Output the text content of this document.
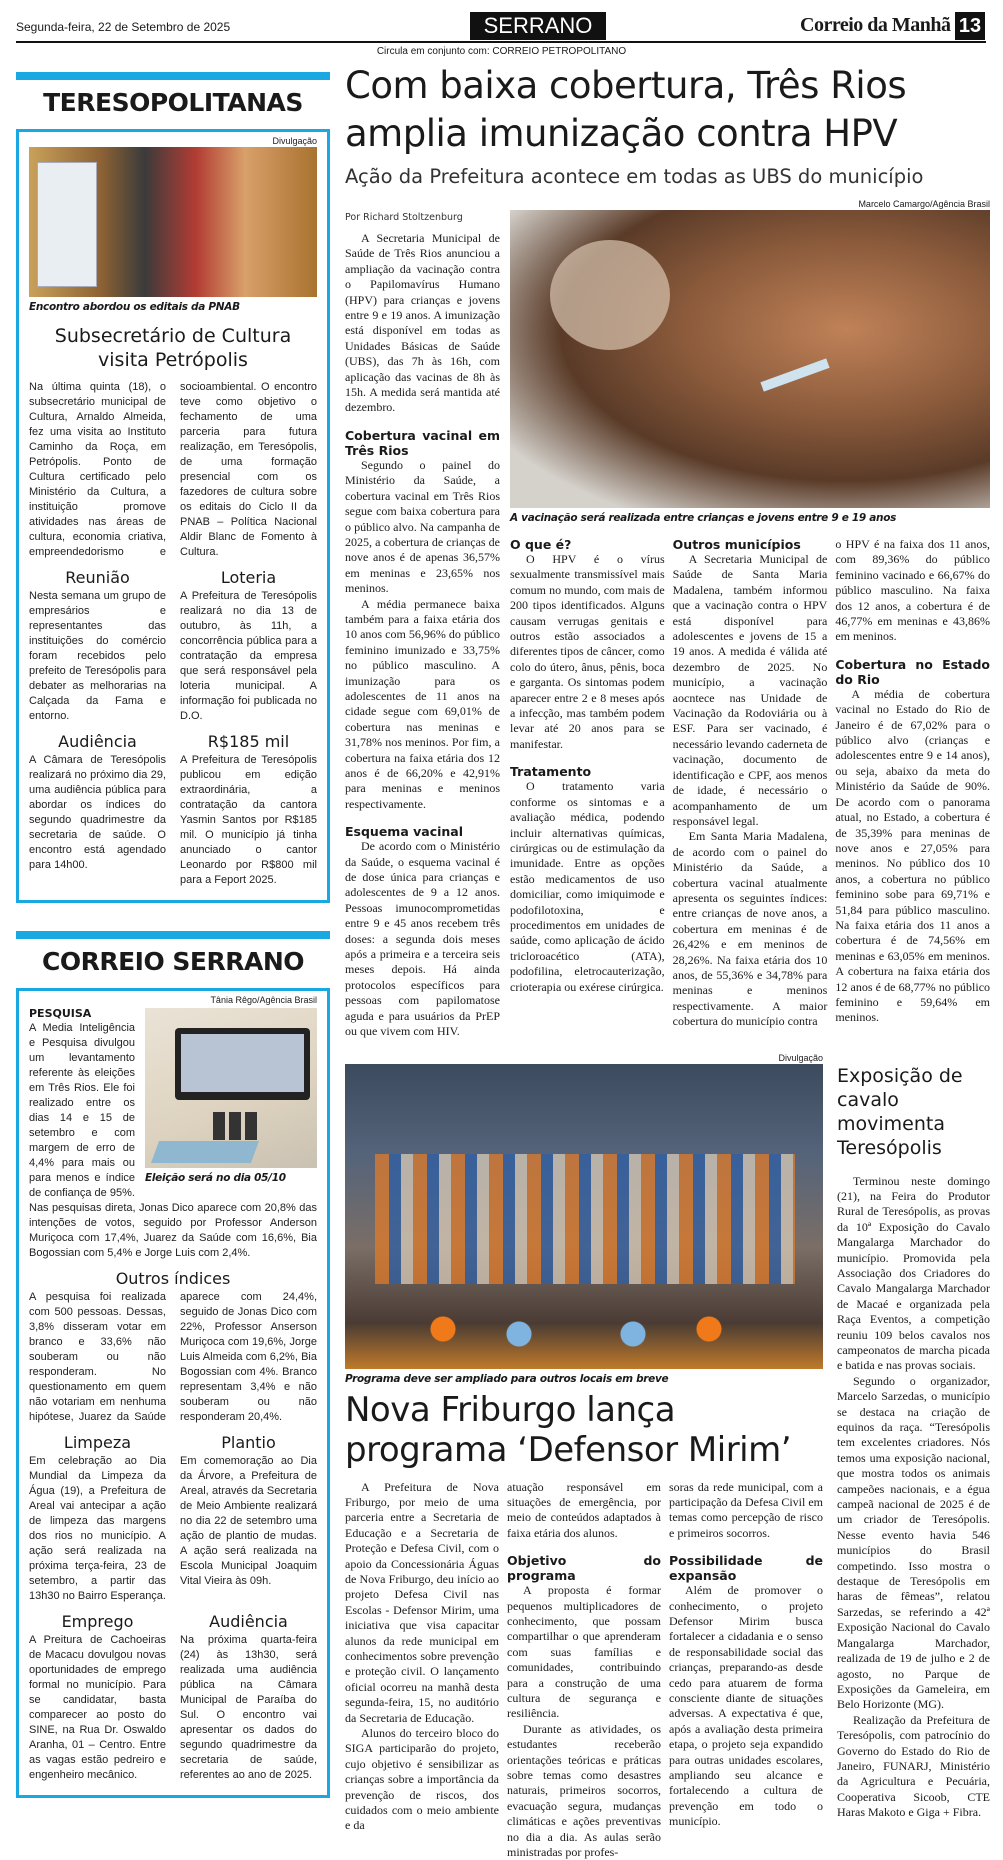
Segunda-feira, 22 de Setembro de 2025	SERRANO	Correio da Manhã 13
Circula em conjunto com: CORREIO PETROPOLITANO
TERESOPOLITANAS
Divulgação
Encontro abordou os editais da PNAB
Subsecretário de Cultura visita Petrópolis
Na última quinta (18), o subsecretário municipal de Cultura, Arnaldo Almeida, fez uma visita ao Instituto Caminho da Roça, em Petrópolis. Ponto de Cultura certificado pelo Ministério da Cultura, a instituição promove atividades nas áreas de cultura, economia criativa, empreendedorismo e socioambiental. O encontro teve como objetivo o fechamento de uma parceria para futura realização, em Teresópolis, de uma formação presencial com os fazedores de cultura sobre os editais do Ciclo II da PNAB – Política Nacional Aldir Blanc de Fomento à Cultura.
Reunião
Nesta semana um grupo de empresários e representantes das instituições do comércio foram recebidos pelo prefeito de Teresópolis para debater as melhorarias na Calçada da Fama e entorno.
Loteria
A Prefeitura de Teresópolis realizará no dia 13 de outubro, às 11h, a concorrência pública para a contratação da empresa que será responsável pela loteria municipal. A informação foi publicada no D.O.
Audiência
A Câmara de Teresópolis realizará no próximo dia 29, uma audiência pública para abordar os índices do segundo quadrimestre da secretaria de saúde. O encontro está agendado para 14h00.
R$185 mil
A Prefeitura de Teresópolis publicou em edição extraordinária, a contratação da cantora Yasmin Santos por R$185 mil. O município já tinha anunciado o cantor Leonardo por R$800 mil para a Feport 2025.
CORREIO SERRANO
Tânia Rêgo/Agência Brasil
Eleição será no dia 05/10
PESQUISA
A Media Inteligência e Pesquisa divulgou um levantamento referente às eleições em Três Rios. Ele foi realizado entre os dias 14 e 15 de setembro e com margem de erro de 4,4% para mais ou para menos e índice de confiança de 95%. Nas pesquisas direta, Jonas Dico aparece com 20,8% das intenções de votos, seguido por Professor Anderson Muriçoca com 17,4%, Juarez da Saúde com 16,6%, Bia Bogossian com 5,4% e Jorge Luis com 2,4%.
Outros índices
A pesquisa foi realizada com 500 pessoas. Dessas, 3,8% disseram votar em branco e 33,6% não souberam ou não responderam. No questionamento em quem não votariam em nenhuma hipótese, Juarez da Saúde aparece com 24,4%, seguido de Jonas Dico com 22%, Professor Anserson Muriçoca com 19,6%, Jorge Luis Almeida com 6,2%, Bia Bogossian com 4%. Branco representam 3,4% e não souberam ou não responderam 20,4%.
Limpeza
Em celebração ao Dia Mundial da Limpeza da Água (19), a Prefeitura de Areal vai antecipar a ação de limpeza das margens dos rios no município. A ação será realizada na próxima terça-feira, 23 de setembro, a partir das 13h30 no Bairro Esperança.
Plantio
Em comemoração ao Dia da Árvore, a Prefeitura de Areal, através da Secretaria de Meio Ambiente realizará no dia 22 de setembro uma ação de plantio de mudas. A ação será realizada na Escola Municipal Joaquim Vital Vieira às 09h.
Emprego
A Preitura de Cachoeiras de Macacu dovulgou novas oportunidades de emprego formal no município. Para se candidatar, basta comparecer ao posto do SINE, na Rua Dr. Oswaldo Aranha, 01 – Centro. Entre as vagas estão pedreiro e engenheiro mecânico.
Audiência
Na próxima quarta-feira (24) às 13h30, será realizada uma audiência pública na Câmara Municipal de Paraíba do Sul. O encontro vai apresentar os dados do segundo quadrimestre da secretaria de saúde, referentes ao ano de 2025.
Com baixa cobertura, Três Rios amplia imunização contra HPV
Ação da Prefeitura acontece em todas as UBS do município
Por Richard Stoltzenburg

A Secretaria Municipal de Saúde de Três Rios anunciou a ampliação da vacinação contra o Papilomavírus Humano (HPV) para crianças e jovens entre 9 e 19 anos. A imunização está disponível em todas as Unidades Básicas de Saúde (UBS), das 7h às 16h, com aplicação das vacinas de 8h às 15h. A medida será mantida até dezembro.

Cobertura vacinal em Três Rios

Segundo o painel do Ministério da Saúde, a cobertura vacinal em Três Rios segue com baixa cobertura para o público alvo. Na campanha de 2025, a cobertura de crianças de nove anos é de apenas 36,57% em meninas e 23,65% nos meninos.

A média permanece baixa também para a faixa etária dos 10 anos com 56,96% do público feminino imunizado e 33,75% no público masculino. A imunização para os adolescentes de 11 anos na cidade segue com 69,01% de cobertura nas meninas e 31,78% nos meninos. Por fim, a cobertura na faixa etária dos 12 anos é de 66,20% e 42,91% para meninas e meninos respectivamente.

Esquema vacinal

De acordo com o Ministério da Saúde, o esquema vacinal é de dose única para crianças e adolescentes de 9 a 12 anos. Pessoas imunocomprometidas entre 9 e 45 anos recebem três doses: a segunda dois meses após a primeira e a terceira seis meses depois. Há ainda protocolos específicos para pessoas com papilomatose aguda e para usuários da PrEP ou que vivem com HIV.

Marcelo Camargo/Agência Brasil
A vacinação será realizada entre crianças e jovens entre 9 e 19 anos
O que é?

O HPV é o vírus sexualmente transmissível mais comum no mundo, com mais de 200 tipos identificados. Alguns causam verrugas genitais e outros estão associados a diferentes tipos de câncer, como colo do útero, ânus, pênis, boca e garganta. Os sintomas podem aparecer entre 2 e 8 meses após a infecção, mas também podem levar até 20 anos para se manifestar.

Tratamento

O tratamento varia conforme os sintomas e a avaliação médica, podendo incluir alternativas químicas, cirúrgicas ou de estimulação da imunidade. Entre as opções estão medicamentos de uso domiciliar, como imiquimode e podofilotoxina, e procedimentos em unidades de saúde, como aplicação de ácido tricloroacético (ATA), podofilina, eletrocauterização, crioterapia ou exérese cirúrgica.

Outros municípios

A Secretaria Municipal de Saúde de Santa Maria Madalena, também informou que a vacinação contra o HPV está disponível para adolescentes e jovens de 15 a 19 anos. A medida é válida até dezembro de 2025. No município, a vacinação aocntece nas Unidade de Vacinação da Rodoviária ou à ESF. Para ser vacinado, é necessário levando caderneta de vacinação, documento de identificação e CPF, aos menos de idade, é necessário o acompanhamento de um responsável legal.

Em Santa Maria Madalena, de acordo com o painel do Ministério da Saúde, a cobertura vacinal atualmente apresenta os seguintes índices: entre crianças de nove anos, a cobertura em meninas é de 26,42% e em meninos de 28,26%. Na faixa etária dos 10 anos, de 55,36% e 34,78% para meninas e meninos respectivamente. A maior cobertura do município contra

o HPV é na faixa dos 11 anos, com 89,36% do público feminino vacinado e 66,67% do público masculino. Na faixa dos 12 anos, a cobertura é de 46,77% em meninas e 43,86% em meninos.

Cobertura no Estado do Rio

A média de cobertura vacinal no Estado do Rio de Janeiro é de 67,02% para o público alvo (crianças e adolescentes entre 9 e 14 anos), ou seja, abaixo da meta do Ministério da Saúde de 90%. De acordo com o panorama atual, no Estado, a cobertura é de 35,39% para meninas de nove anos e 27,05% para meninos. No público dos 10 anos, a cobertura no público feminino sobe para 69,71% e 51,84 para público masculino. Na faixa etária dos 11 anos a cobertura é de 74,56% em meninas e 63,05% em meninos. A cobertura na faixa etária dos 12 anos é de 68,77% no público feminino e 59,64% em meninos.

Divulgação
Programa deve ser ampliado para outros locais em breve
Nova Friburgo lança programa ‘Defensor Mirim’

A Prefeitura de Nova Friburgo, por meio de uma parceria entre a Secretaria de Educação e a Secretaria de Proteção e Defesa Civil, com o apoio da Concessionária Águas de Nova Friburgo, deu início ao projeto Defesa Civil nas Escolas - Defensor Mirim, uma iniciativa que visa capacitar alunos da rede municipal em conhecimentos sobre prevenção e proteção civil. O lançamento oficial ocorreu na manhã desta segunda-feira, 15, no auditório da Secretaria de Educação.

Alunos do terceiro bloco do SIGA participarão do projeto, cujo objetivo é sensibilizar as crianças sobre a importância da prevenção de riscos, dos cuidados com o meio ambiente e da

atuação responsável em situações de emergência, por meio de conteúdos adaptados à faixa etária dos alunos.

Objetivo do programa

A proposta é formar pequenos multiplicadores de conhecimento, que possam compartilhar o que aprenderam com suas famílias e comunidades, contribuindo para a construção de uma cultura de segurança e resiliência.

Durante as atividades, os estudantes receberão orientações teóricas e práticas sobre temas como desastres naturais, primeiros socorros, evacuação segura, mudanças climáticas e ações preventivas no dia a dia. As aulas serão ministradas por profes-

soras da rede municipal, com a participação da Defesa Civil em temas como percepção de risco e primeiros socorros.

Possibilidade de expansão

Além de promover o conhecimento, o projeto Defensor Mirim busca fortalecer a cidadania e o senso de responsabilidade social das crianças, preparando-as desde cedo para atuarem de forma consciente diante de situações adversas. A expectativa é que, após a avaliação desta primeira etapa, o projeto seja expandido para outras unidades escolares, ampliando seu alcance e fortalecendo a cultura de prevenção em todo o município.

Exposição de cavalo movimenta Teresópolis

Terminou neste domingo (21), na Feira do Produtor Rural de Teresópolis, as provas da 10ª Exposição do Cavalo Mangalarga Marchador do município. Promovida pela Associação dos Criadores do Cavalo Mangalarga Marchador de Macaé e organizada pela Raça Eventos, a competição reuniu 109 belos cavalos nos campeonatos de marcha picada e batida e nas provas sociais.

Segundo o organizador, Marcelo Sarzedas, o município se destaca na criação de equinos da raça. “Teresópolis tem excelentes criadores. Nós temos uma exposição nacional, que mostra todos os animais campeões nacionais, e a égua campeã nacional de 2025 é de um criador de Teresópolis. Nesse evento havia 546 municípios do Brasil competindo. Isso mostra o destaque de Teresópolis em haras de fêmeas”, relatou Sarzedas, se referindo a 42ª Exposição Nacional do Cavalo Mangalarga Marchador, realizada de 19 de julho e 2 de agosto, no Parque de Exposições da Gameleira, em Belo Horizonte (MG).

Realização da Prefeitura de Teresópolis, com patrocínio do Governo do Estado do Rio de Janeiro, FUNARJ, Ministério da Agricultura e Pecuária, Cooperativa Sicoob, CTE Haras Makoto e Giga + Fibra.
